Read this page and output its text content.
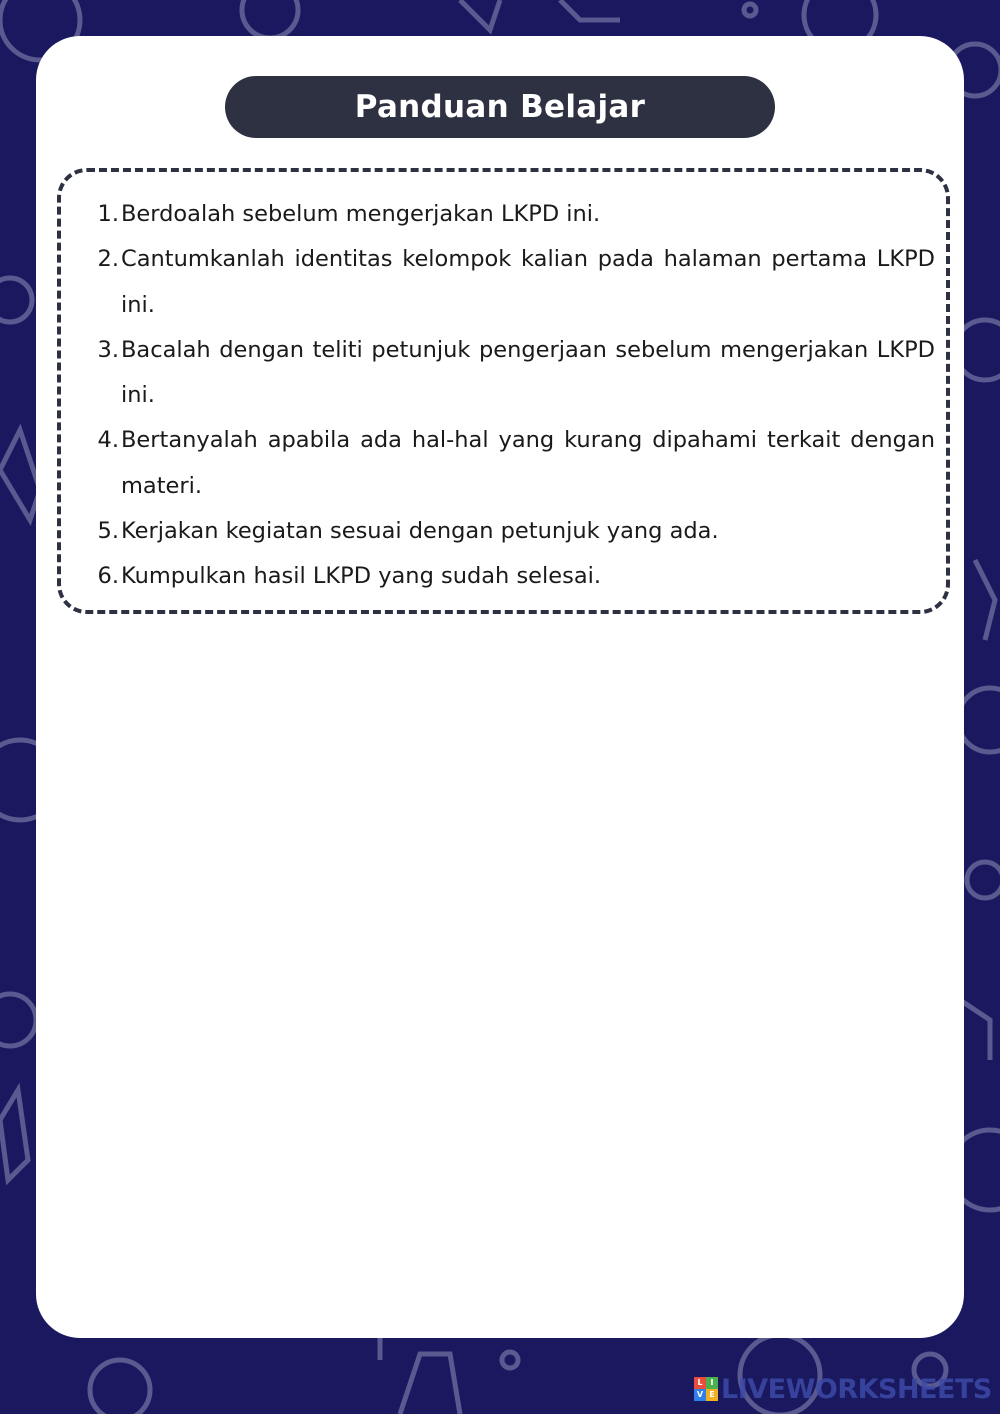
Panduan Belajar
1. Berdoalah sebelum mengerjakan LKPD ini.
2. Cantumkanlah identitas kelompok kalian pada halaman pertama LKPD ini.
3. Bacalah dengan teliti petunjuk pengerjaan sebelum mengerjakan LKPD ini.
4. Bertanyalah apabila ada hal-hal yang kurang dipahami terkait dengan materi.
5. Kerjakan kegiatan sesuai dengan petunjuk yang ada.
6. Kumpulkan hasil LKPD yang sudah selesai.
L I
V E LIVEWORKSHEETS
